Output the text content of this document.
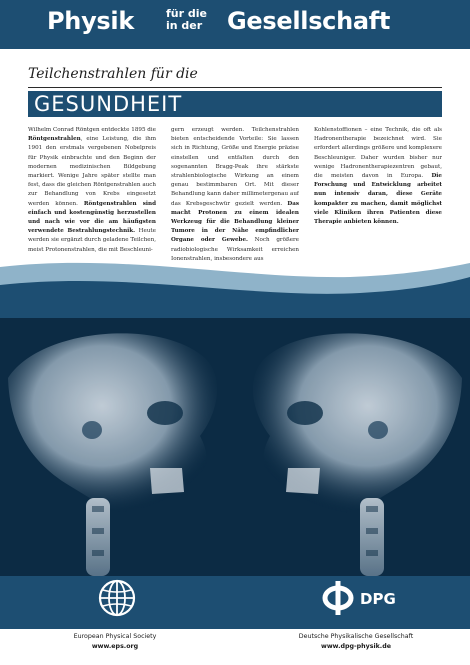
Physik	für die
in der Gesellschaft
Teilchenstrahlen für die
GESUNDHEIT

Wilhelm Conrad Röntgen entdeckte 1895 die Röntgenstrahlen, eine Leistung, die ihm 1901 den erstmals vergebenen Nobelpreis für Physik einbrachte und den Beginn der modernen medizinischen Bildgebung markiert. Wenige Jahre später stellte man fest, dass die gleichen Röntgenstrahlen auch zur Behandlung von Krebs eingesetzt werden können. Röntgenstrahlen sind einfach und kostengünstig herzustellen und nach wie vor die am häufigsten verwendete Bestrahlungstechnik. Heute werden sie ergänzt durch geladene Teilchen, meist Protonenstrahlen, die mit Beschleuni-

gern erzeugt werden. Teilchenstrahlen bieten entscheidende Vorteile: Sie lassen sich in Richtung, Größe und Energie präzise einstellen und entfalten durch den sogenannten Bragg-Peak ihre stärkste strahlenbiologische Wirkung an einem genau bestimmbaren Ort. Mit dieser Behandlung kann daher millimetergenau auf das Krebsgeschwür gezielt werden. Das macht Protonen zu einem idealen Werkzeug für die Behandlung kleiner Tumore in der Nähe empfindlicher Organe oder Gewebe. Noch größere radiobiologische Wirksamkeit erreichen Ionenstrahlen, insbesondere aus

Kohlenstoffionen – eine Technik, die oft als Hadronentherapie bezeichnet wird. Sie erfordert allerdings größere und komplexere Beschleuniger. Daher wurden bisher nur wenige Hadronentherapiezentren gebaut, die meisten davon in Europa. Die Forschung und Entwicklung arbeitet nun intensiv daran, diese Geräte kompakter zu machen, damit möglichst viele Kliniken ihren Patienten diese Therapie anbieten können.

DPG
European Physical Society
www.eps.org
Deutsche Physikalische Gesellschaft
www.dpg-physik.de
